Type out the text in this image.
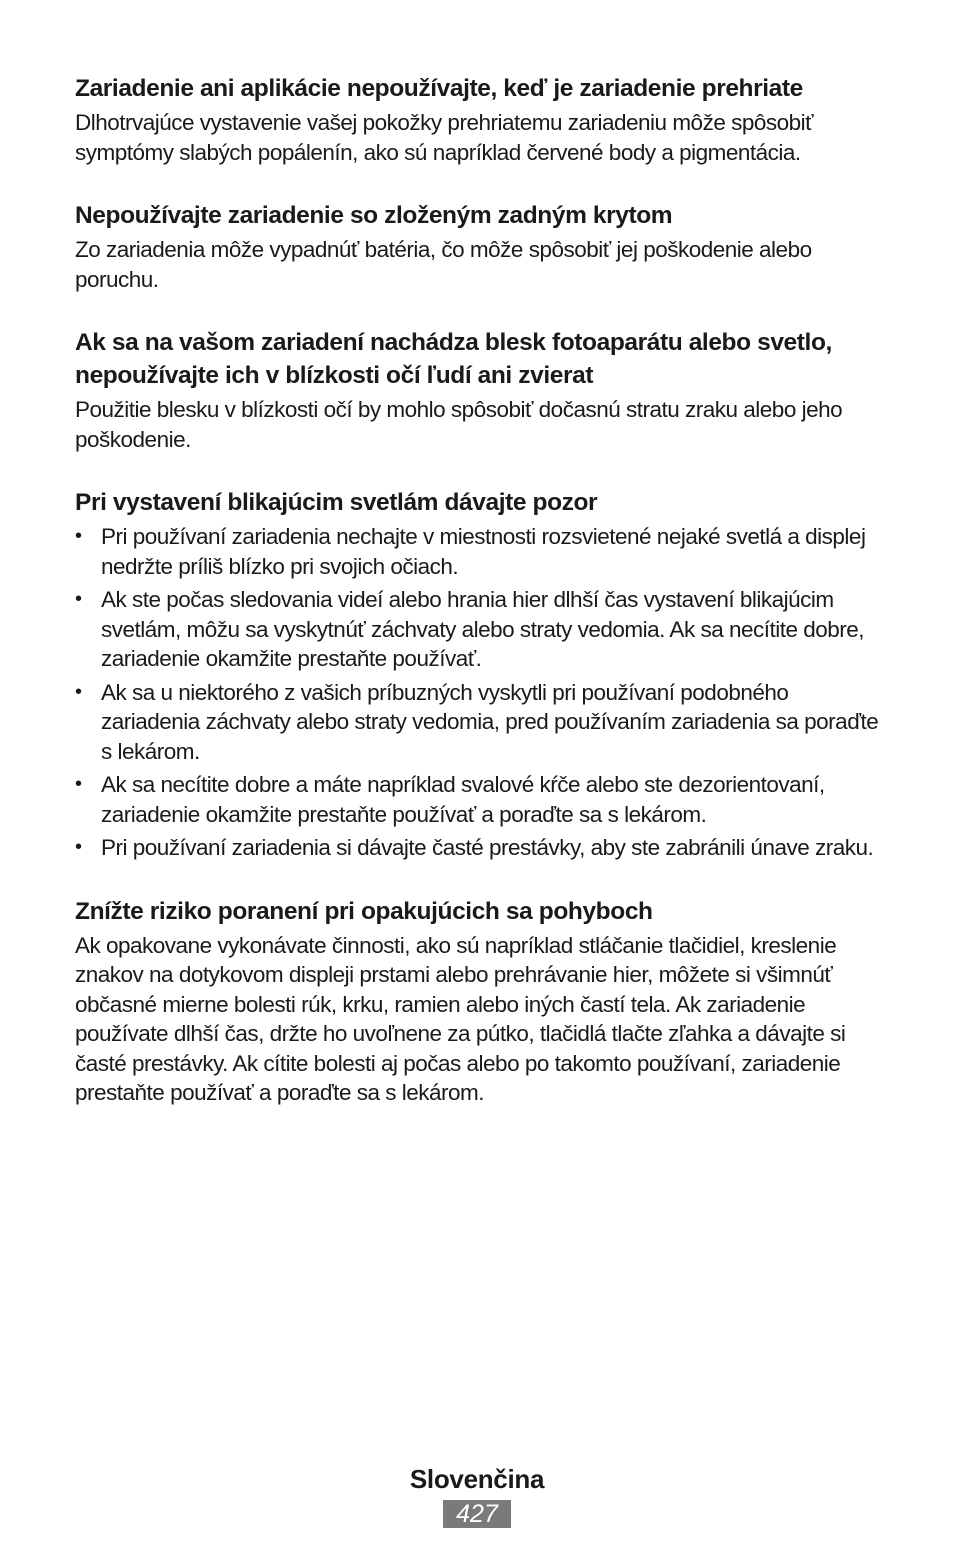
Zariadenie ani aplikácie nepoužívajte, keď je zariadenie prehriate

Dlhotrvajúce vystavenie vašej pokožky prehriatemu zariadeniu môže spôsobiť symptómy slabých popálenín, ako sú napríklad červené body a pigmentácia.

Nepoužívajte zariadenie so zloženým zadným krytom

Zo zariadenia môže vypadnúť batéria, čo môže spôsobiť jej poškodenie alebo poruchu.

Ak sa na vašom zariadení nachádza blesk fotoaparátu alebo svetlo, nepoužívajte ich v blízkosti očí ľudí ani zvierat

Použitie blesku v blízkosti očí by mohlo spôsobiť dočasnú stratu zraku alebo jeho poškodenie.

Pri vystavení blikajúcim svetlám dávajte pozor
• Pri používaní zariadenia nechajte v miestnosti rozsvietené nejaké svetlá a displej nedržte príliš blízko pri svojich očiach.
• Ak ste počas sledovania videí alebo hrania hier dlhší čas vystavení blikajúcim svetlám, môžu sa vyskytnúť záchvaty alebo straty vedomia. Ak sa necítite dobre, zariadenie okamžite prestaňte používať.
• Ak sa u niektorého z vašich príbuzných vyskytli pri používaní podobného zariadenia záchvaty alebo straty vedomia, pred používaním zariadenia sa poraďte s lekárom.
• Ak sa necítite dobre a máte napríklad svalové kŕče alebo ste dezorientovaní, zariadenie okamžite prestaňte používať a poraďte sa s lekárom.
• Pri používaní zariadenia si dávajte časté prestávky, aby ste zabránili únave zraku.
Znížte riziko poranení pri opakujúcich sa pohyboch

Ak opakovane vykonávate činnosti, ako sú napríklad stláčanie tlačidiel, kreslenie znakov na dotykovom displeji prstami alebo prehrávanie hier, môžete si všimnúť občasné mierne bolesti rúk, krku, ramien alebo iných častí tela. Ak zariadenie používate dlhší čas, držte ho uvoľnene za pútko, tlačidlá tlačte zľahka a dávajte si časté prestávky. Ak cítite bolesti aj počas alebo po takomto používaní, zariadenie prestaňte používať a poraďte sa s lekárom.

Slovenčina
427
